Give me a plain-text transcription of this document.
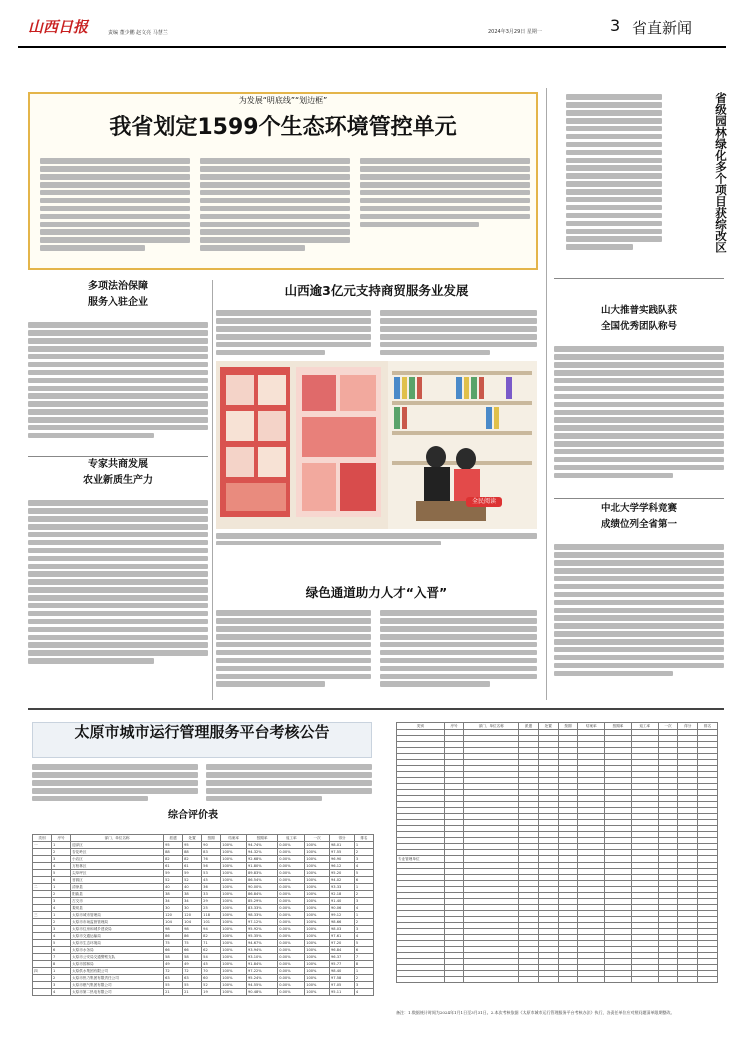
山西日报	责编 董少鹏 赵文亮 马慧兰	2024年3月29日 星期一	3 省直新闻
为发展“明底线”“划边框”
我省划定1599个生态环境管控单元	省级园林绿化多个项目获综改区
多项法治保障
服务入驻企业
专家共商发展
农业新质生产力
山西逾3亿元支持商贸服务业发展
全民阅读
绿色通道助力人才“入晋”
山大推普实践队获
全国优秀团队称号
中北大学学科竞赛
成绩位列全省第一
太原市城市运行管理服务平台考核公告
综合评价表
类别	序号	部门、单位名称	派遣	处置	按期	结案率	按期率	返工率	一次	得分	排名
一	1	迎泽区	95	95	90	100%	94.74%	0.00%	100%	98.01	1
	2	杏花岭区	88	88	83	100%	94.32%	0.00%	100%	97.55	2
	3	小店区	82	82	76	100%	92.68%	0.00%	100%	96.90	3
	4	万柏林区	61	61	56	100%	91.80%	0.00%	100%	96.12	4
	5	尖草坪区	59	59	53	100%	89.83%	0.00%	100%	95.20	5
	6	晋源区	52	52	45	100%	86.54%	0.00%	100%	94.02	6
二	1	清徐县	40	40	36	100%	90.00%	0.00%	100%	93.33	1
	2	阳曲县	38	38	33	100%	86.84%	0.00%	100%	92.18	2
	3	古交市	34	34	29	100%	85.29%	0.00%	100%	91.40	3
	4	娄烦县	30	30	25	100%	83.33%	0.00%	100%	90.06	4
三	1	太原市城市管理局	120	120	118	100%	98.33%	0.00%	100%	99.12	1
	2	太原市市场监督管理局	104	104	101	100%	97.12%	0.00%	100%	98.66	2
	3	太原市住房和城乡建设局	98	98	94	100%	95.92%	0.00%	100%	98.03	3
	4	太原市交通运输局	86	86	82	100%	95.35%	0.00%	100%	97.61	4
	5	太原市生态环境局	75	75	71	100%	94.67%	0.00%	100%	97.20	5
	6	太原市水务局	66	66	62	100%	93.94%	0.00%	100%	96.84	6
	7	太原市公安局交通警察支队	58	58	54	100%	93.10%	0.00%	100%	96.37	7
	8	太原市园林局	49	49	45	100%	91.84%	0.00%	100%	95.77	8
四	1	太原供水集团有限公司	72	72	70	100%	97.22%	0.00%	100%	98.40	1
	2	太原市热力集团有限责任公司	63	63	60	100%	95.24%	0.00%	100%	97.58	2
	3	太原市燃气集团有限公司	55	55	52	100%	94.55%	0.00%	100%	97.05	3
	4	太原市第二热电有限公司	21	21	19	100%	90.48%	0.00%	100%	95.11	4
类别	序号	部门、单位名称	派遣	处置	按期	结案率	按期率	返工率	一次	得分	排名

专业管理单位											

备注：1.数据统计时间为2024年1月1日至3月31日。2.本次考核依据《太原市城市运行管理服务平台考核办法》执行，各责任单位应对照问题清单限期整改。
